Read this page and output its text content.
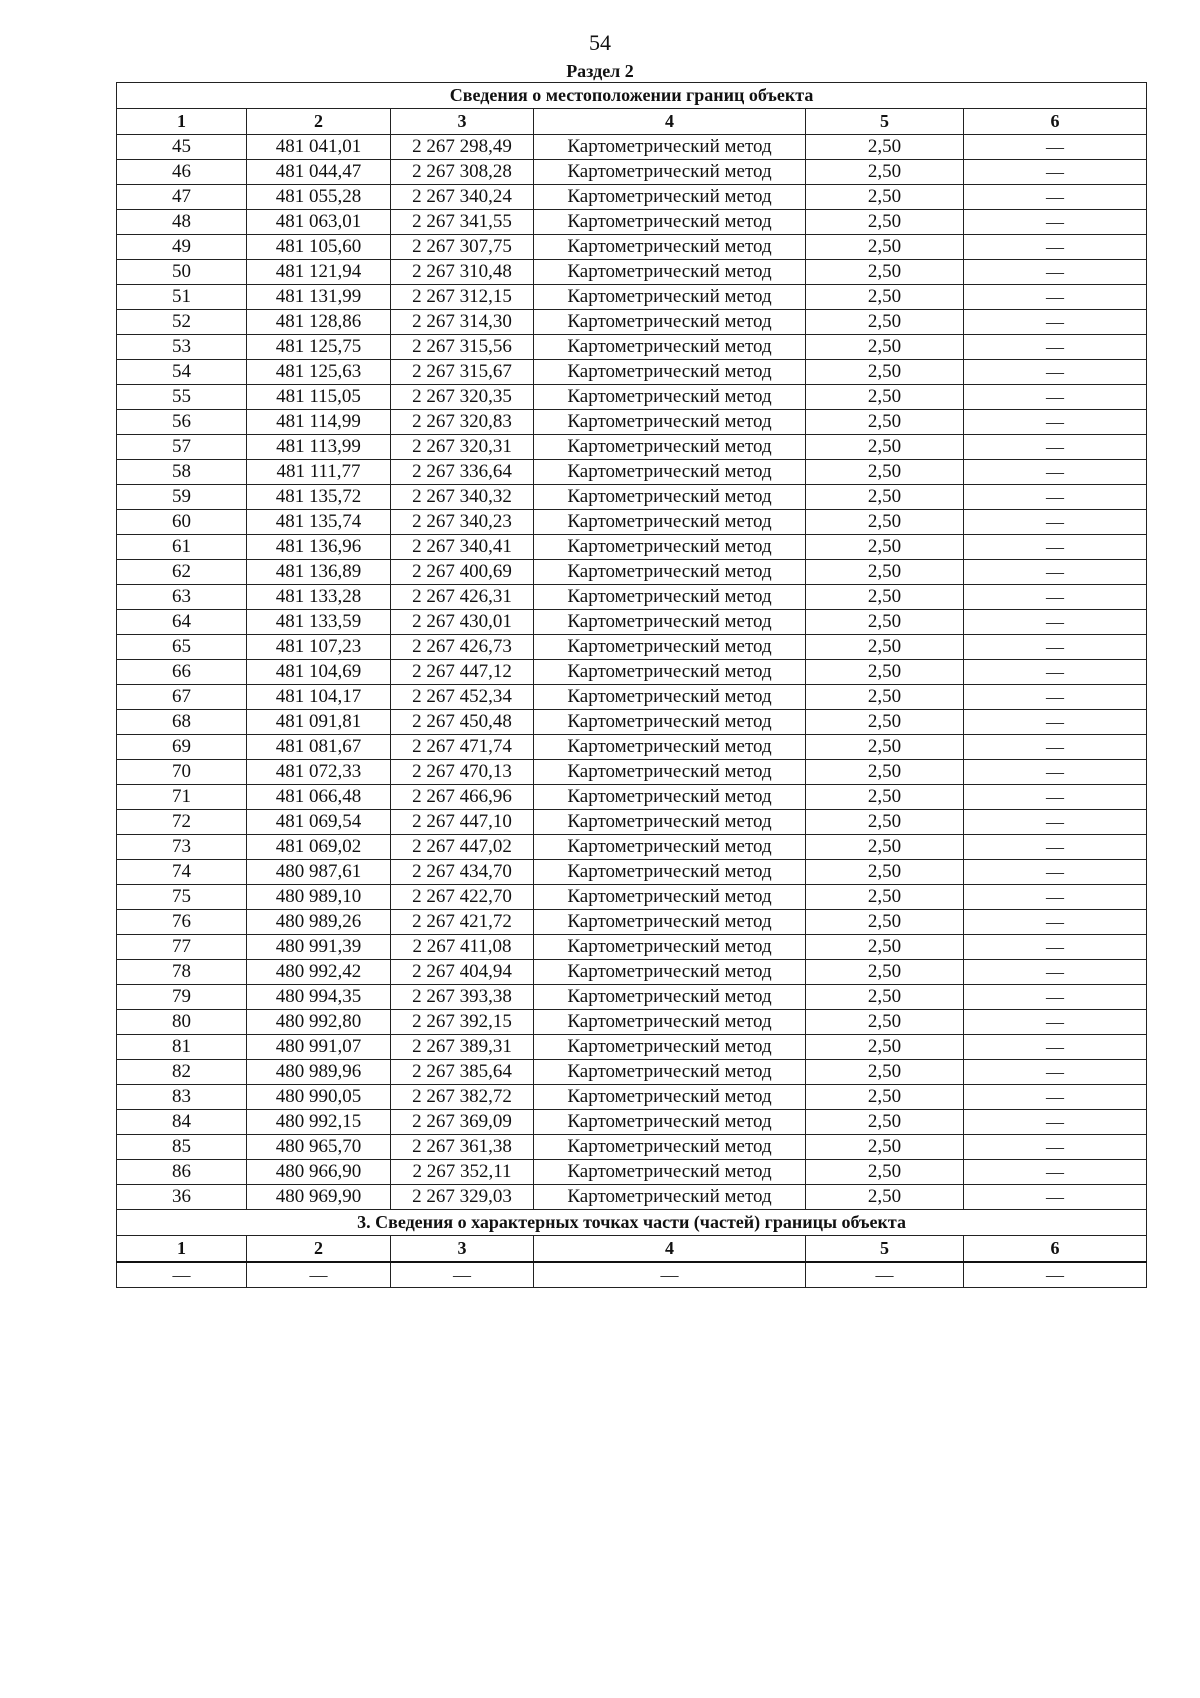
54
Раздел 2
Сведения о местоположении границ объекта					
1	2	3	4	5	6
45	481 041,01	2 267 298,49	Картометрический метод	2,50	—
46	481 044,47	2 267 308,28	Картометрический метод	2,50	—
47	481 055,28	2 267 340,24	Картометрический метод	2,50	—
48	481 063,01	2 267 341,55	Картометрический метод	2,50	—
49	481 105,60	2 267 307,75	Картометрический метод	2,50	—
50	481 121,94	2 267 310,48	Картометрический метод	2,50	—
51	481 131,99	2 267 312,15	Картометрический метод	2,50	—
52	481 128,86	2 267 314,30	Картометрический метод	2,50	—
53	481 125,75	2 267 315,56	Картометрический метод	2,50	—
54	481 125,63	2 267 315,67	Картометрический метод	2,50	—
55	481 115,05	2 267 320,35	Картометрический метод	2,50	—
56	481 114,99	2 267 320,83	Картометрический метод	2,50	—
57	481 113,99	2 267 320,31	Картометрический метод	2,50	—
58	481 111,77	2 267 336,64	Картометрический метод	2,50	—
59	481 135,72	2 267 340,32	Картометрический метод	2,50	—
60	481 135,74	2 267 340,23	Картометрический метод	2,50	—
61	481 136,96	2 267 340,41	Картометрический метод	2,50	—
62	481 136,89	2 267 400,69	Картометрический метод	2,50	—
63	481 133,28	2 267 426,31	Картометрический метод	2,50	—
64	481 133,59	2 267 430,01	Картометрический метод	2,50	—
65	481 107,23	2 267 426,73	Картометрический метод	2,50	—
66	481 104,69	2 267 447,12	Картометрический метод	2,50	—
67	481 104,17	2 267 452,34	Картометрический метод	2,50	—
68	481 091,81	2 267 450,48	Картометрический метод	2,50	—
69	481 081,67	2 267 471,74	Картометрический метод	2,50	—
70	481 072,33	2 267 470,13	Картометрический метод	2,50	—
71	481 066,48	2 267 466,96	Картометрический метод	2,50	—
72	481 069,54	2 267 447,10	Картометрический метод	2,50	—
73	481 069,02	2 267 447,02	Картометрический метод	2,50	—
74	480 987,61	2 267 434,70	Картометрический метод	2,50	—
75	480 989,10	2 267 422,70	Картометрический метод	2,50	—
76	480 989,26	2 267 421,72	Картометрический метод	2,50	—
77	480 991,39	2 267 411,08	Картометрический метод	2,50	—
78	480 992,42	2 267 404,94	Картометрический метод	2,50	—
79	480 994,35	2 267 393,38	Картометрический метод	2,50	—
80	480 992,80	2 267 392,15	Картометрический метод	2,50	—
81	480 991,07	2 267 389,31	Картометрический метод	2,50	—
82	480 989,96	2 267 385,64	Картометрический метод	2,50	—
83	480 990,05	2 267 382,72	Картометрический метод	2,50	—
84	480 992,15	2 267 369,09	Картометрический метод	2,50	—
85	480 965,70	2 267 361,38	Картометрический метод	2,50	—
86	480 966,90	2 267 352,11	Картометрический метод	2,50	—
36	480 969,90	2 267 329,03	Картометрический метод	2,50	—
3. Сведения о характерных точках части (частей) границы объекта					
1	2	3	4	5	6
—	—	—	—	—	—
